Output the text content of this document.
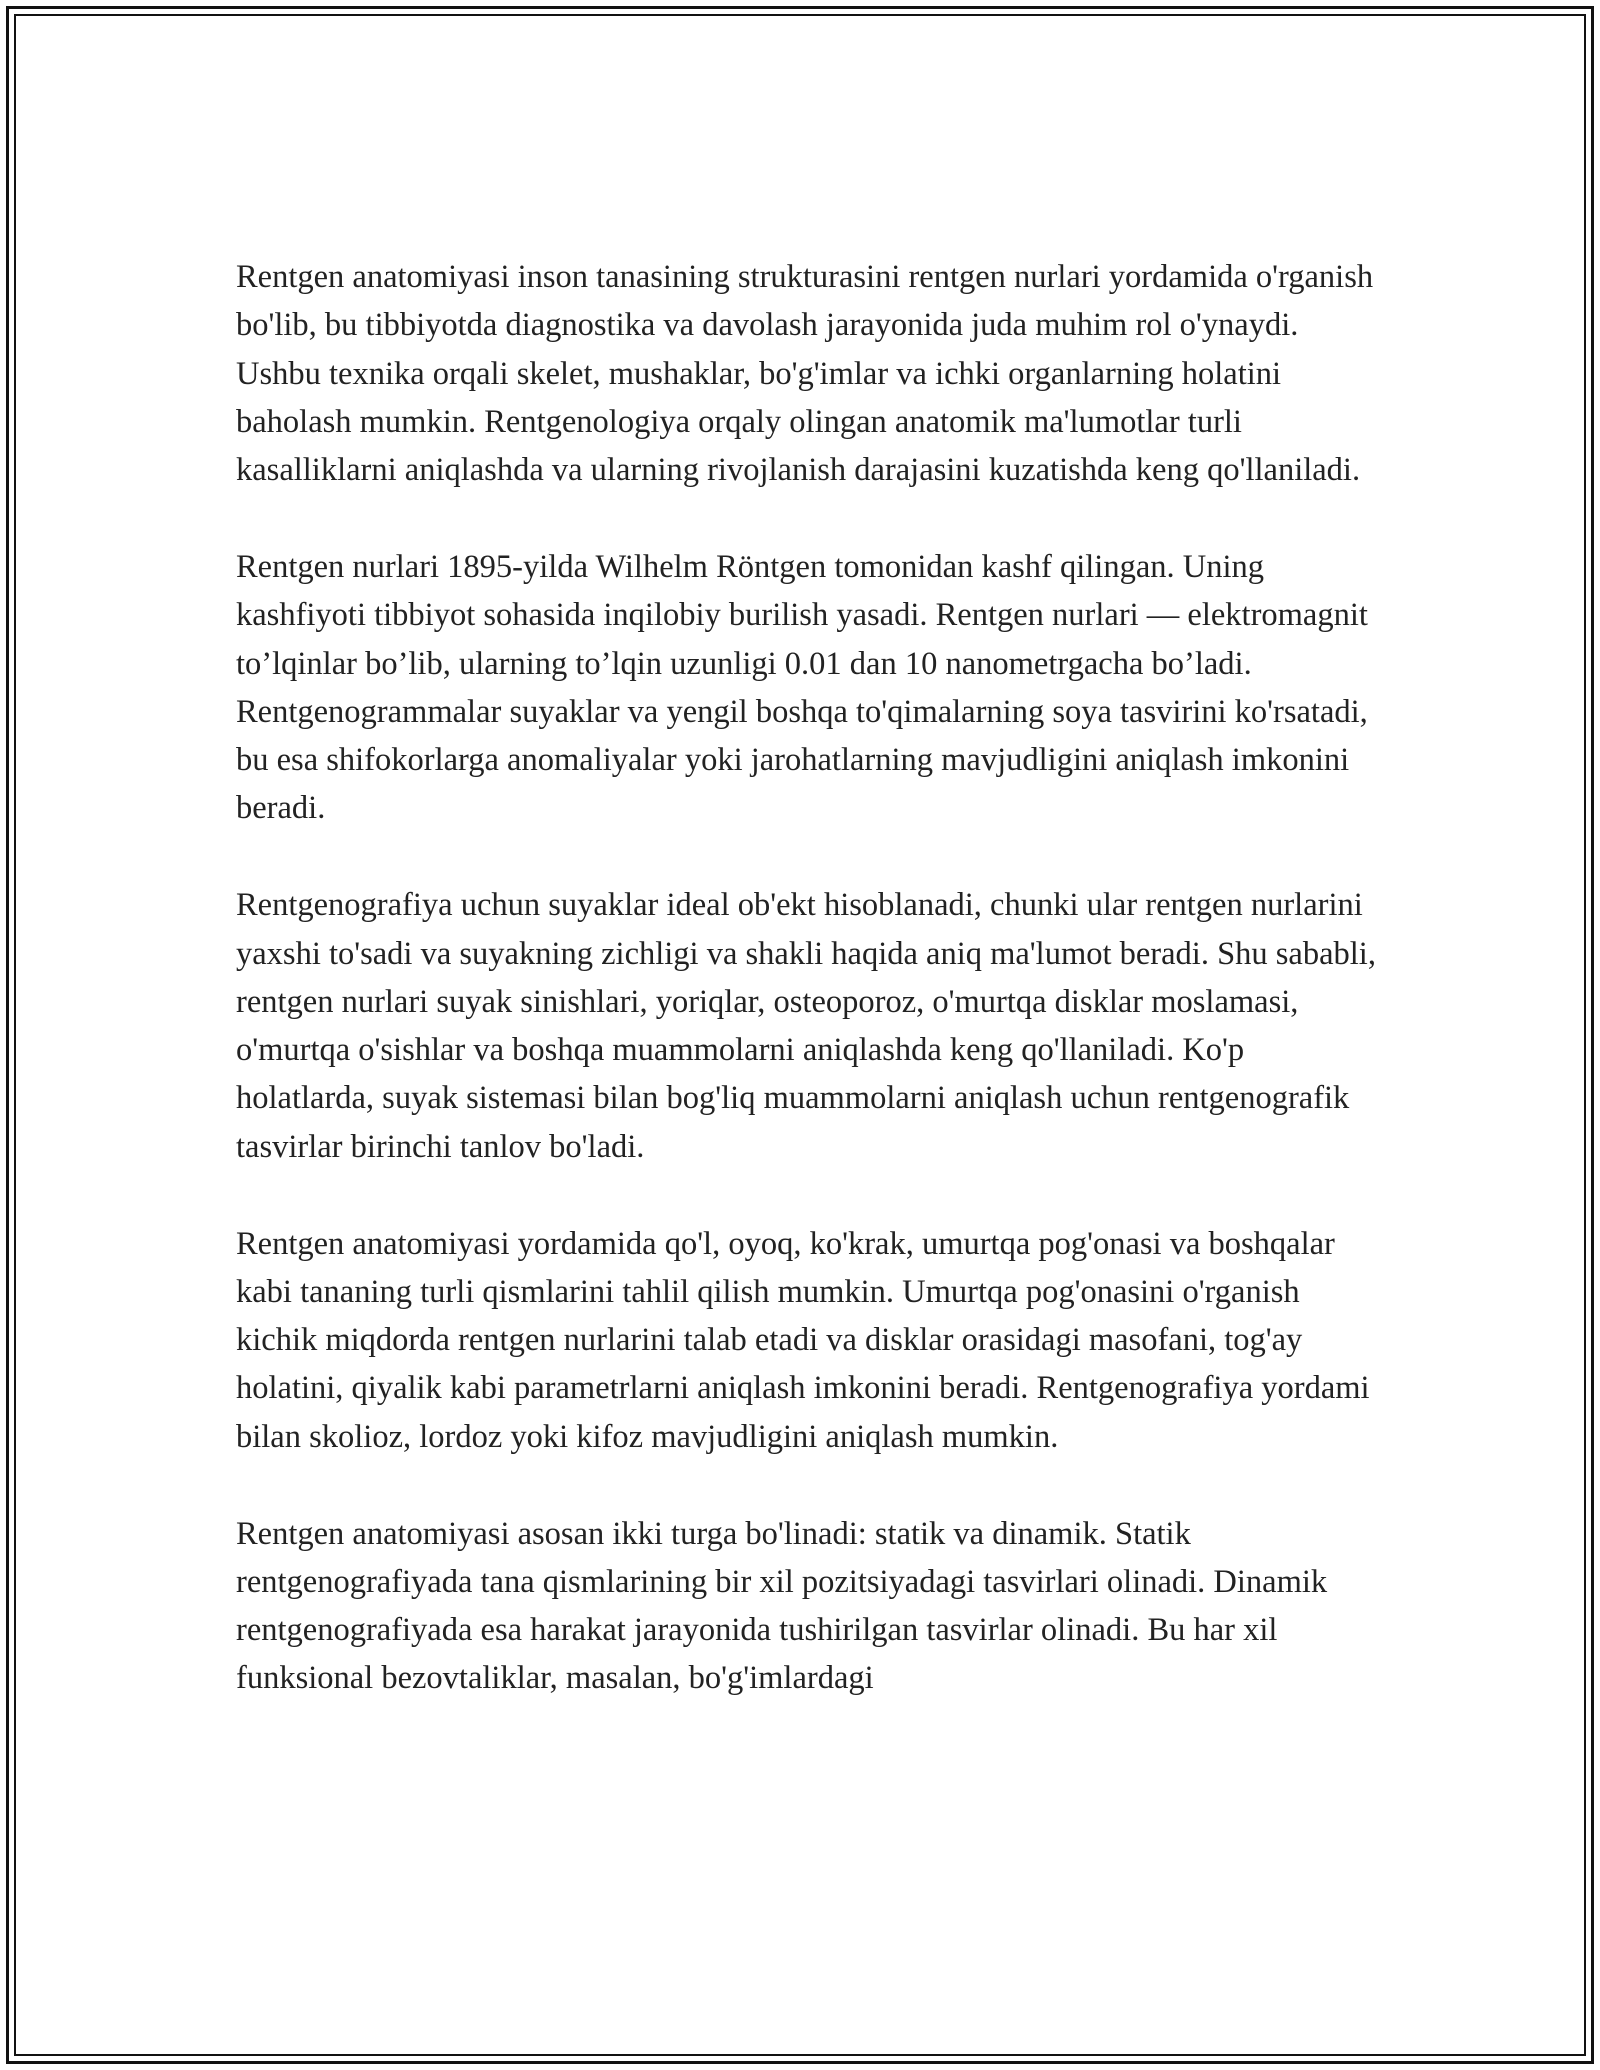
Rentgen anatomiyasi inson tanasining strukturasini rentgen nurlari yordamida o'rganish bo'lib, bu tibbiyotda diagnostika va davolash jarayonida juda muhim rol o'ynaydi. Ushbu texnika orqali skelet, mushaklar, bo'g'imlar va ichki organlarning holatini baholash mumkin. Rentgenologiya orqaly olingan anatomik ma'lumotlar turli kasalliklarni aniqlashda va ularning rivojlanish darajasini kuzatishda keng qo'llaniladi.

Rentgen nurlari 1895-yilda Wilhelm Röntgen tomonidan kashf qilingan. Uning kashfiyoti tibbiyot sohasida inqilobiy burilish yasadi. Rentgen nurlari — elektromagnit to’lqinlar bo’lib, ularning to’lqin uzunligi 0.01 dan 10 nanometrgacha bo’ladi. Rentgenogrammalar suyaklar va yengil boshqa to'qimalarning soya tasvirini ko'rsatadi, bu esa shifokorlarga anomaliyalar yoki jarohatlarning mavjudligini aniqlash imkonini beradi.

Rentgenografiya uchun suyaklar ideal ob'ekt hisoblanadi, chunki ular rentgen nurlarini yaxshi to'sadi va suyakning zichligi va shakli haqida aniq ma'lumot beradi. Shu sababli, rentgen nurlari suyak sinishlari, yoriqlar, osteoporoz, o'murtqa disklar moslamasi, o'murtqa o'sishlar va boshqa muammolarni aniqlashda keng qo'llaniladi. Ko'p holatlarda, suyak sistemasi bilan bog'liq muammolarni aniqlash uchun rentgenografik tasvirlar birinchi tanlov bo'ladi.

Rentgen anatomiyasi yordamida qo'l, oyoq, ko'krak, umurtqa pog'onasi va boshqalar kabi tananing turli qismlarini tahlil qilish mumkin. Umurtqa pog'onasini o'rganish kichik miqdorda rentgen nurlarini talab etadi va disklar orasidagi masofani, tog'ay holatini, qiyalik kabi parametrlarni aniqlash imkonini beradi. Rentgenografiya yordami bilan skolioz, lordoz yoki kifoz mavjudligini aniqlash mumkin.

Rentgen anatomiyasi asosan ikki turga bo'linadi: statik va dinamik. Statik rentgenografiyada tana qismlarining bir xil pozitsiyadagi tasvirlari olinadi. Dinamik rentgenografiyada esa harakat jarayonida tushirilgan tasvirlar olinadi. Bu har xil funksional bezovtaliklar, masalan, bo'g'imlardagi
